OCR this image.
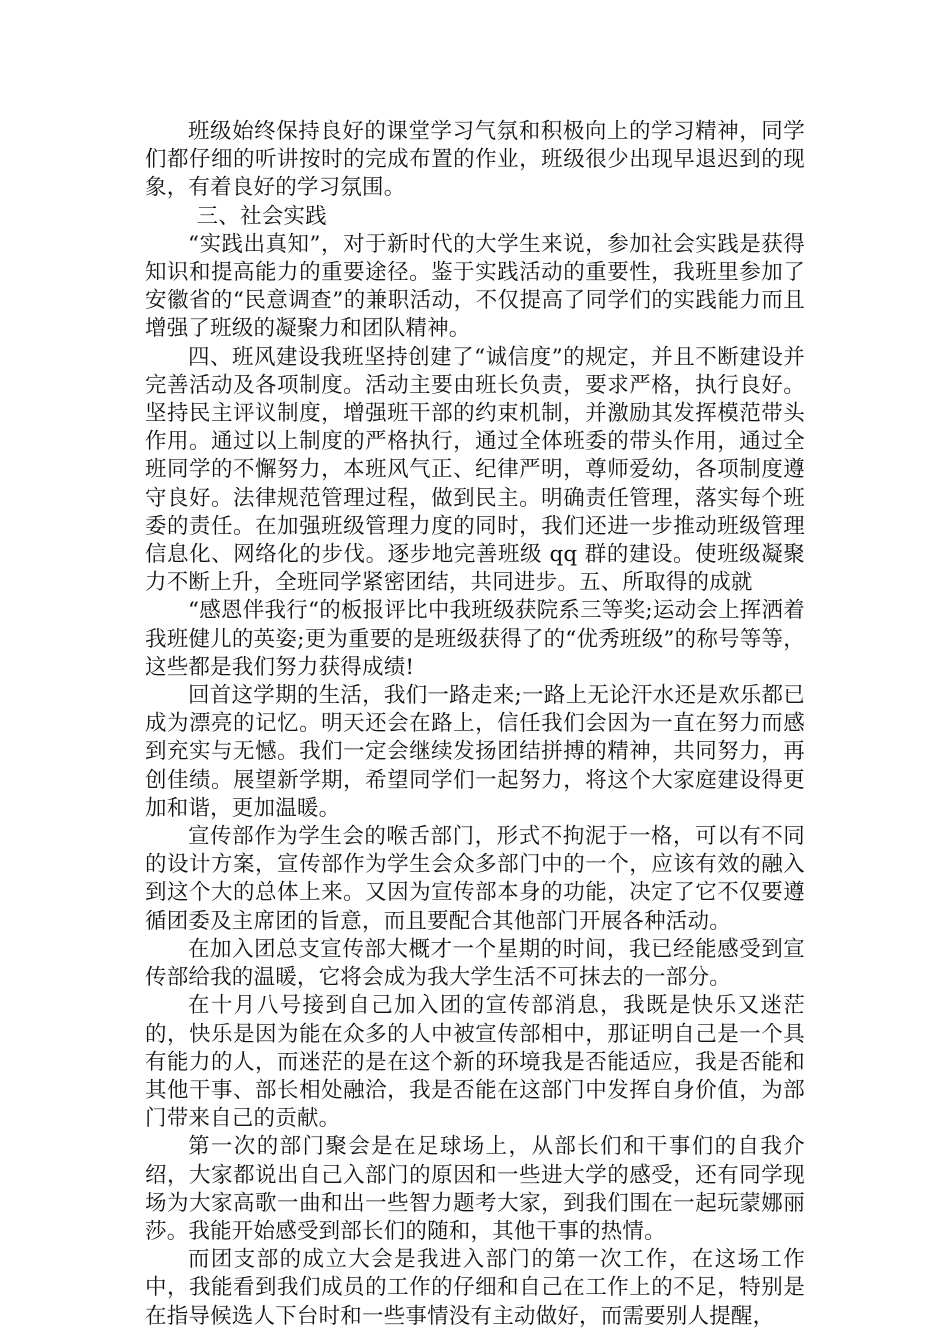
班级始终保持良好的课堂学习气氛和积极向上的学习精神，同学们都仔细的听讲按时的完成布置的作业，班级很少出现早退迟到的现象，有着良好的学习氛围。

三、社会实践

“实践出真知”，对于新时代的大学生来说，参加社会实践是获得知识和提高能力的重要途径。鉴于实践活动的重要性，我班里参加了安徽省的“民意调查”的兼职活动，不仅提高了同学们的实践能力而且增强了班级的凝聚力和团队精神。

四、班风建设我班坚持创建了“诚信度”的规定，并且不断建设并完善活动及各项制度。活动主要由班长负责，要求严格，执行良好。坚持民主评议制度，增强班干部的约束机制，并激励其发挥模范带头作用。通过以上制度的严格执行，通过全体班委的带头作用，通过全班同学的不懈努力，本班风气正、纪律严明，尊师爱幼，各项制度遵守良好。法律规范管理过程，做到民主。明确责任管理，落实每个班委的责任。在加强班级管理力度的同时，我们还进一步推动班级管理信息化、网络化的步伐。逐步地完善班级 qq 群的建设。使班级凝聚力不断上升，全班同学紧密团结，共同进步。五、所取得的成就

“感恩伴我行“的板报评比中我班级获院系三等奖;运动会上挥洒着我班健儿的英姿;更为重要的是班级获得了的“优秀班级”的称号等等，这些都是我们努力获得成绩!

回首这学期的生活，我们一路走来;一路上无论汗水还是欢乐都已成为漂亮的记忆。明天还会在路上，信任我们会因为一直在努力而感到充实与无憾。我们一定会继续发扬团结拼搏的精神，共同努力，再创佳绩。展望新学期，希望同学们一起努力，将这个大家庭建设得更加和谐，更加温暖。

宣传部作为学生会的喉舌部门，形式不拘泥于一格，可以有不同的设计方案，宣传部作为学生会众多部门中的一个，应该有效的融入到这个大的总体上来。又因为宣传部本身的功能，决定了它不仅要遵循团委及主席团的旨意，而且要配合其他部门开展各种活动。

在加入团总支宣传部大概才一个星期的时间，我已经能感受到宣传部给我的温暖，它将会成为我大学生活不可抹去的一部分。

在十月八号接到自己加入团的宣传部消息，我既是快乐又迷茫的，快乐是因为能在众多的人中被宣传部相中，那证明自己是一个具有能力的人，而迷茫的是在这个新的环境我是否能适应，我是否能和其他干事、部长相处融洽，我是否能在这部门中发挥自身价值，为部门带来自己的贡献。

第一次的部门聚会是在足球场上，从部长们和干事们的自我介绍，大家都说出自己入部门的原因和一些进大学的感受，还有同学现场为大家高歌一曲和出一些智力题考大家，到我们围在一起玩蒙娜丽莎。我能开始感受到部长们的随和，其他干事的热情。

而团支部的成立大会是我进入部门的第一次工作，在这场工作中，我能看到我们成员的工作的仔细和自己在工作上的不足，特别是在指导候选人下台时和一些事情没有主动做好，而需要别人提醒，
